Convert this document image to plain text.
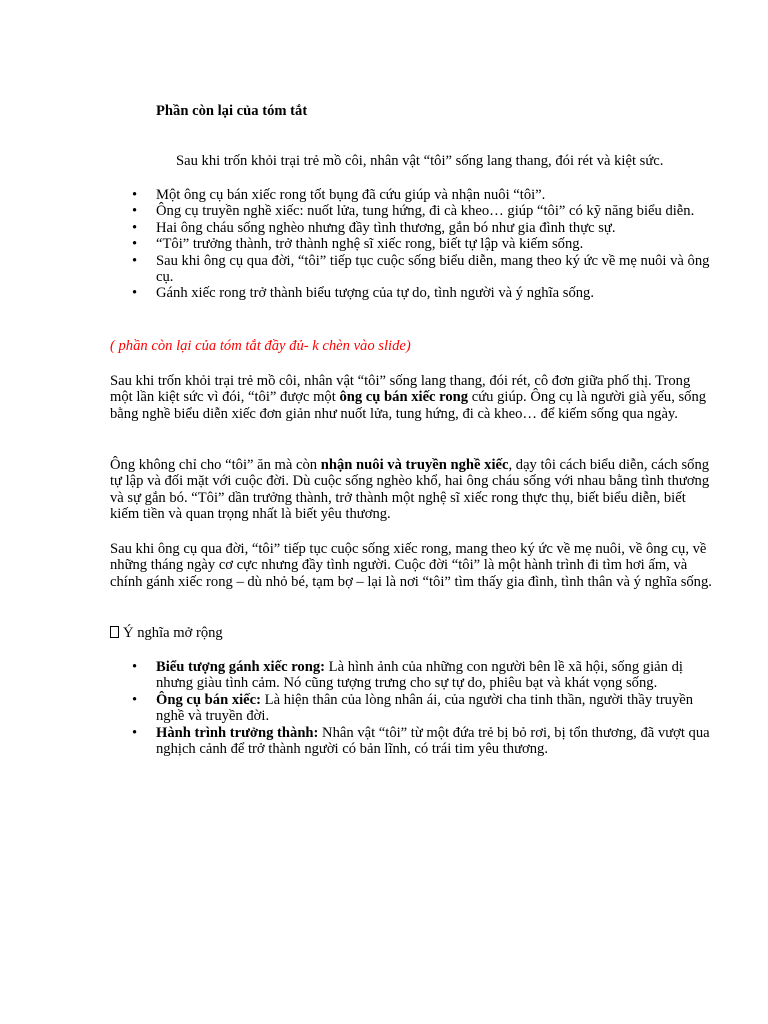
Phần còn lại của tóm tắt
Sau khi trốn khỏi trại trẻ mồ côi, nhân vật “tôi” sống lang thang, đói rét và kiệt sức.
• Một ông cụ bán xiếc rong tốt bụng đã cứu giúp và nhận nuôi “tôi”.
• Ông cụ truyền nghề xiếc: nuốt lửa, tung hứng, đi cà kheo… giúp “tôi” có kỹ năng biểu diễn.
• Hai ông cháu sống nghèo nhưng đầy tình thương, gắn bó như gia đình thực sự.
• “Tôi” trưởng thành, trở thành nghệ sĩ xiếc rong, biết tự lập và kiếm sống.
• Sau khi ông cụ qua đời, “tôi” tiếp tục cuộc sống biểu diễn, mang theo ký ức về mẹ nuôi và ông cụ.
• Gánh xiếc rong trở thành biểu tượng của tự do, tình người và ý nghĩa sống.
( phần còn lại của tóm tắt đầy đủ- k chèn vào slide)
Sau khi trốn khỏi trại trẻ mồ côi, nhân vật “tôi” sống lang thang, đói rét, cô đơn giữa phố thị. Trong một lần kiệt sức vì đói, “tôi” được một ông cụ bán xiếc rong cứu giúp. Ông cụ là người già yếu, sống bằng nghề biểu diễn xiếc đơn giản như nuốt lửa, tung hứng, đi cà kheo… để kiếm sống qua ngày.
Ông không chỉ cho “tôi” ăn mà còn nhận nuôi và truyền nghề xiếc, dạy tôi cách biểu diễn, cách sống tự lập và đối mặt với cuộc đời. Dù cuộc sống nghèo khổ, hai ông cháu sống với nhau bằng tình thương và sự gắn bó. “Tôi” dần trưởng thành, trở thành một nghệ sĩ xiếc rong thực thụ, biết biểu diễn, biết kiếm tiền và quan trọng nhất là biết yêu thương.
Sau khi ông cụ qua đời, “tôi” tiếp tục cuộc sống xiếc rong, mang theo ký ức về mẹ nuôi, về ông cụ, về những tháng ngày cơ cực nhưng đầy tình người. Cuộc đời “tôi” là một hành trình đi tìm hơi ấm, và chính gánh xiếc rong – dù nhỏ bé, tạm bợ – lại là nơi “tôi” tìm thấy gia đình, tình thân và ý nghĩa sống.
Ý nghĩa mở rộng
• Biểu tượng gánh xiếc rong: Là hình ảnh của những con người bên lề xã hội, sống giản dị nhưng giàu tình cảm. Nó cũng tượng trưng cho sự tự do, phiêu bạt và khát vọng sống.
• Ông cụ bán xiếc: Là hiện thân của lòng nhân ái, của người cha tinh thần, người thầy truyền nghề và truyền đời.
• Hành trình trưởng thành: Nhân vật “tôi” từ một đứa trẻ bị bỏ rơi, bị tổn thương, đã vượt qua nghịch cảnh để trở thành người có bản lĩnh, có trái tim yêu thương.
